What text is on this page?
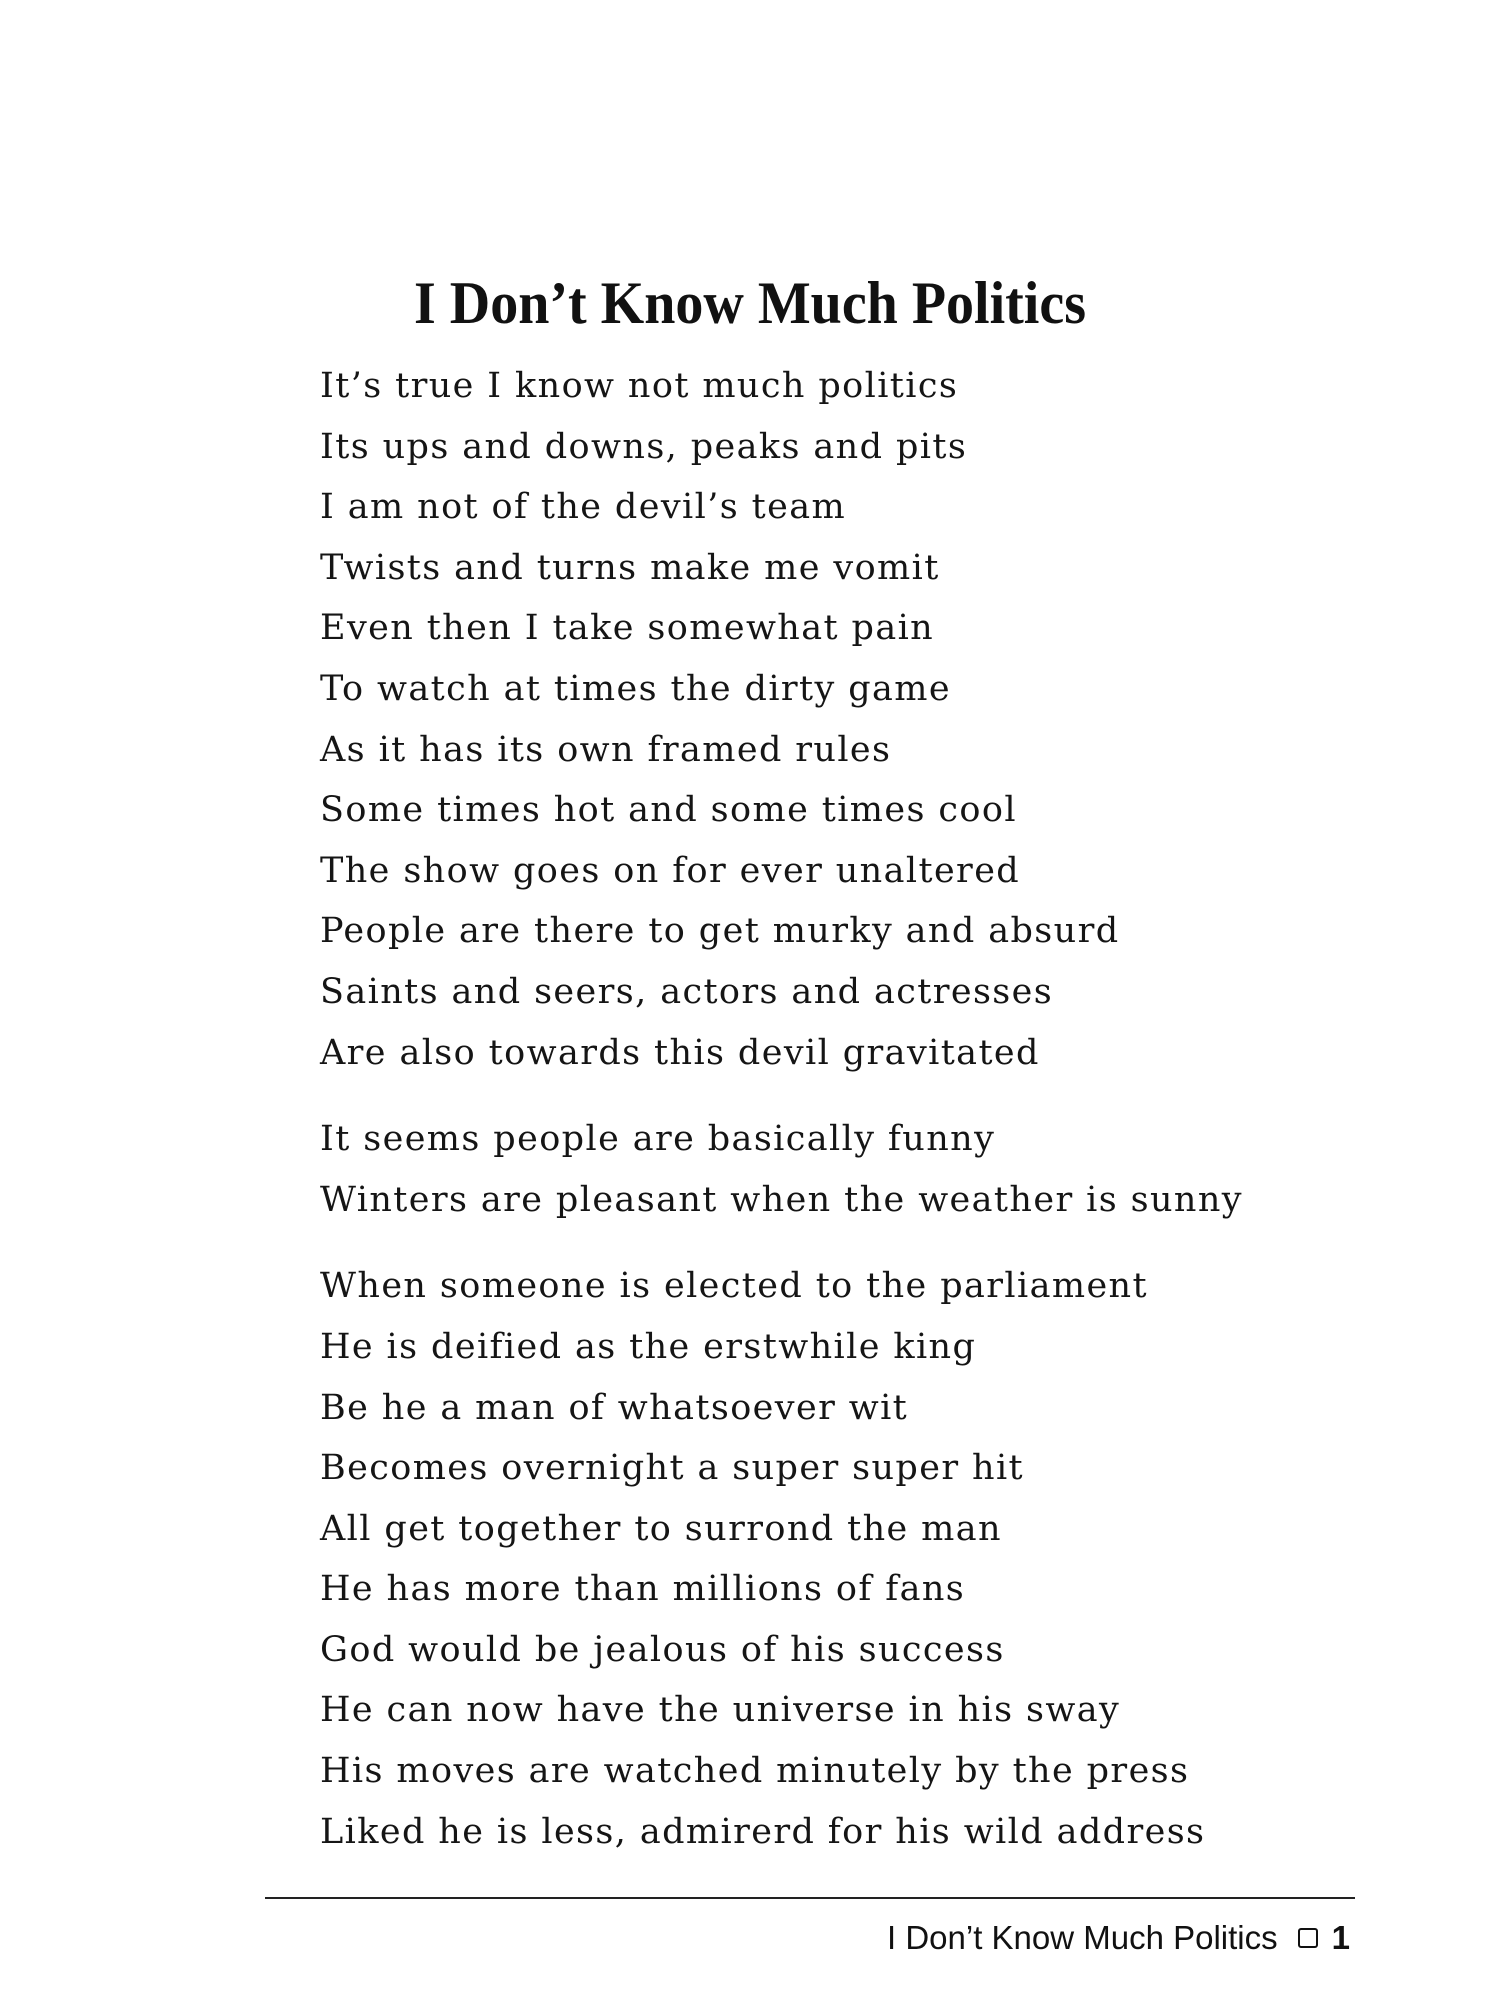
I Don’t Know Much Politics
It’s true I know not much politics
Its ups and downs, peaks and pits
I am not of the devil’s team
Twists and turns make me vomit
Even then I take somewhat pain
To watch at times the dirty game
As it has its own framed rules
Some times hot and some times cool
The show goes on for ever unaltered
People are there to get murky and absurd
Saints and seers, actors and actresses
Are also towards this devil gravitated
It seems people are basically funny
Winters are pleasant when the weather is sunny
When someone is elected to the parliament
He is deified as the erstwhile king
Be he a man of whatsoever wit
Becomes overnight a super super hit
All get together to surrond the man
He has more than millions of fans
God would be jealous of his success
He can now have the universe in his sway
His moves are watched minutely by the press
Liked he is less, admirerd for his wild address
I Don’t Know Much Politics 1
